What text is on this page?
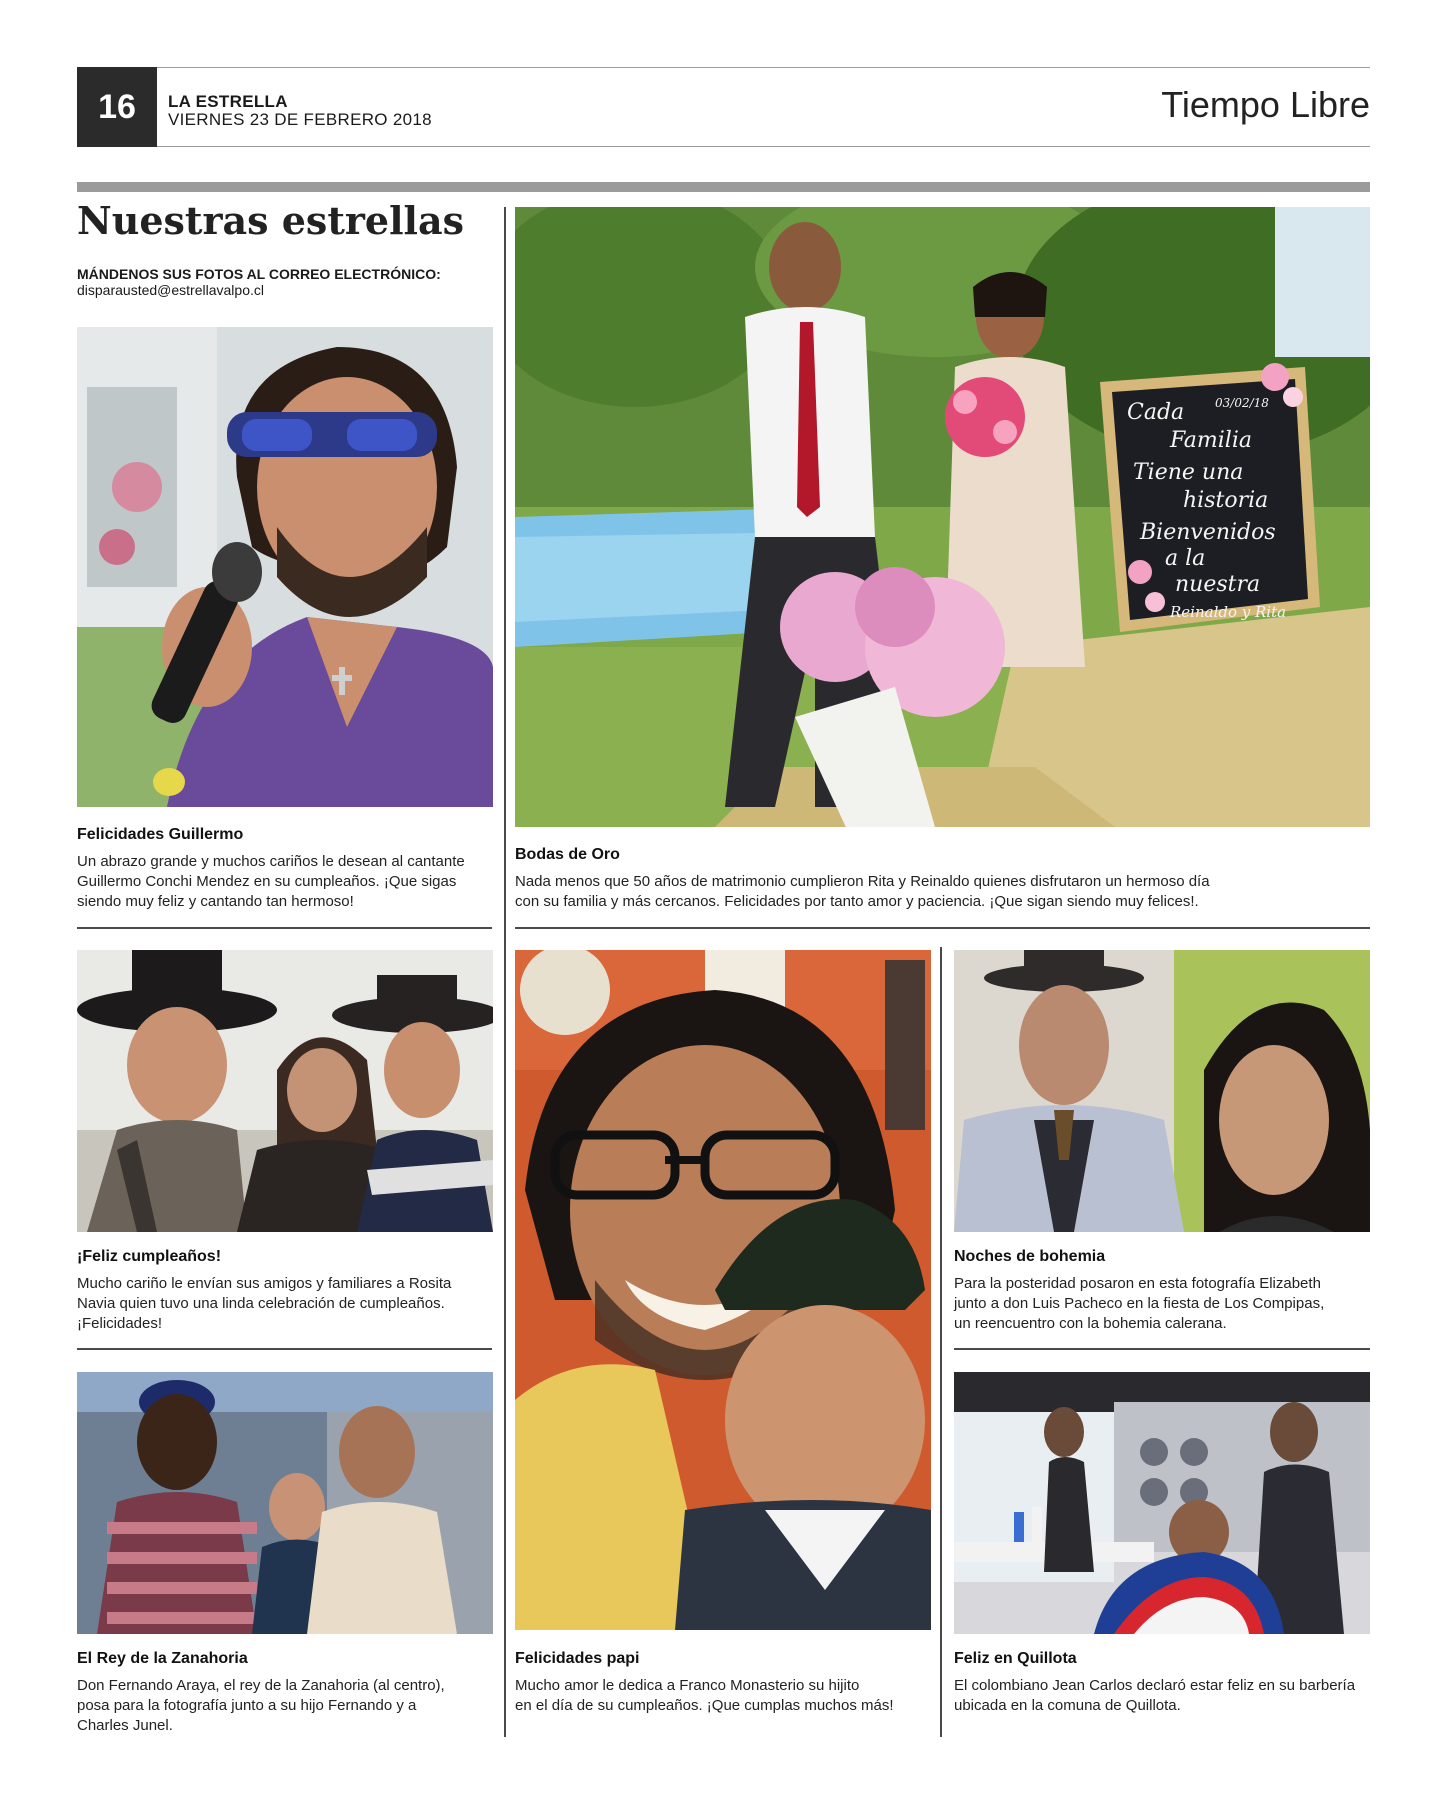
16	LA ESTRELLA
VIERNES 23 DE FEBRERO 2018	Tiempo Libre
Nuestras estrellas
MÁNDENOS SUS FOTOS AL CORREO ELECTRÓNICO:
disparausted@estrellavalpo.cl
03/02/18
Cada
Familia
Tiene una
historia
Bienvenidos
a la
nuestra
Reinaldo y Rita
Felicidades Guillermo
Un abrazo grande y muchos cariños le desean al cantante
Guillermo Conchi Mendez en su cumpleaños. ¡Que sigas
siendo muy feliz y cantando tan hermoso!
Bodas de Oro
Nada menos que 50 años de matrimonio cumplieron Rita y Reinaldo quienes disfrutaron un hermoso día
con su familia y más cercanos. Felicidades por tanto amor y paciencia. ¡Que sigan siendo muy felices!.
¡Feliz cumpleaños!
Mucho cariño le envían sus amigos y familiares a Rosita
Navia quien tuvo una linda celebración de cumpleaños.
¡Felicidades!
Felicidades papi
Mucho amor le dedica a Franco Monasterio su hijito
en el día de su cumpleaños. ¡Que cumplas muchos más!
Noches de bohemia
Para la posteridad posaron en esta fotografía Elizabeth
junto a don Luis Pacheco en la fiesta de Los Compipas,
un reencuentro con la bohemia calerana.
El Rey de la Zanahoria
Don Fernando Araya, el rey de la Zanahoria (al centro),
posa para la fotografía junto a su hijo Fernando y a
Charles Junel.
Feliz en Quillota
El colombiano Jean Carlos declaró estar feliz en su barbería
ubicada en la comuna de Quillota.
